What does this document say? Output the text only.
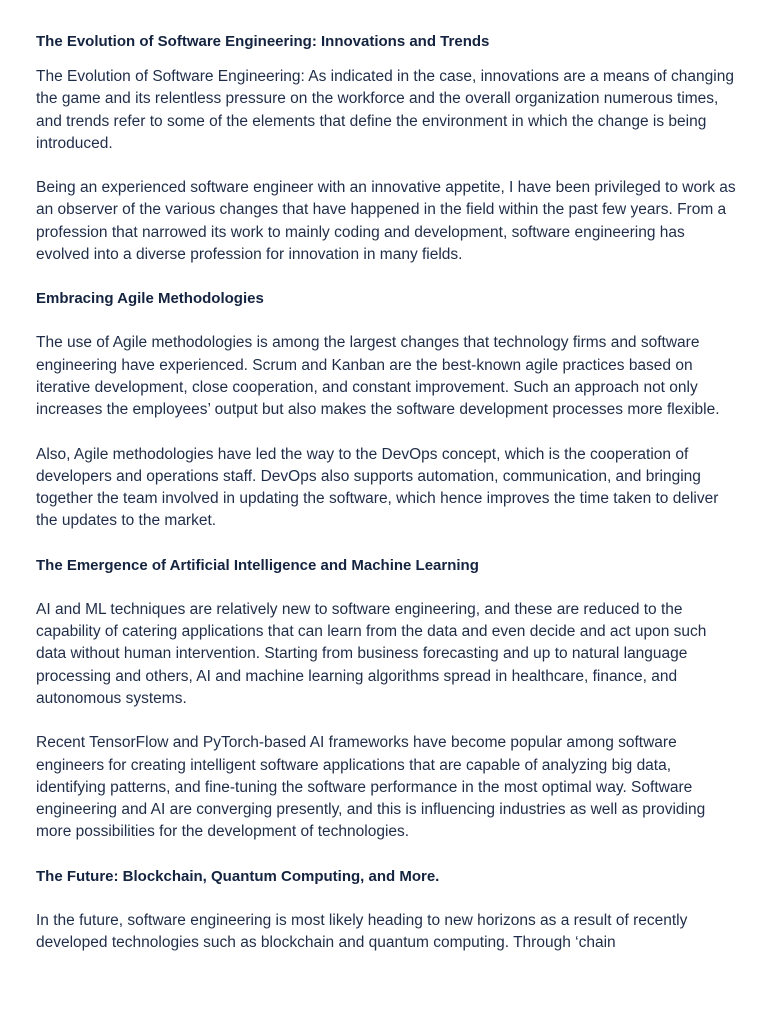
The Evolution of Software Engineering: Innovations and Trends

The Evolution of Software Engineering: As indicated in the case, innovations are a means of changing the game and its relentless pressure on the workforce and the overall organization numerous times, and trends refer to some of the elements that define the environment in which the change is being introduced.

Being an experienced software engineer with an innovative appetite, I have been privileged to work as an observer of the various changes that have happened in the field within the past few years. From a profession that narrowed its work to mainly coding and development, software engineering has evolved into a diverse profession for innovation in many fields.

Embracing Agile Methodologies

The use of Agile methodologies is among the largest changes that technology firms and software engineering have experienced. Scrum and Kanban are the best-known agile practices based on iterative development, close cooperation, and constant improvement. Such an approach not only increases the employees’ output but also makes the software development processes more flexible.

Also, Agile methodologies have led the way to the DevOps concept, which is the cooperation of developers and operations staff. DevOps also supports automation, communication, and bringing together the team involved in updating the software, which hence improves the time taken to deliver the updates to the market.

The Emergence of Artificial Intelligence and Machine Learning

AI and ML techniques are relatively new to software engineering, and these are reduced to the capability of catering applications that can learn from the data and even decide and act upon such data without human intervention. Starting from business forecasting and up to natural language processing and others, AI and machine learning algorithms spread in healthcare, finance, and autonomous systems.

Recent TensorFlow and PyTorch-based AI frameworks have become popular among software engineers for creating intelligent software applications that are capable of analyzing big data, identifying patterns, and fine-tuning the software performance in the most optimal way. Software engineering and AI are converging presently, and this is influencing industries as well as providing more possibilities for the development of technologies.

The Future: Blockchain, Quantum Computing, and More.

In the future, software engineering is most likely heading to new horizons as a result of recently developed technologies such as blockchain and quantum computing. Through ‘chain
